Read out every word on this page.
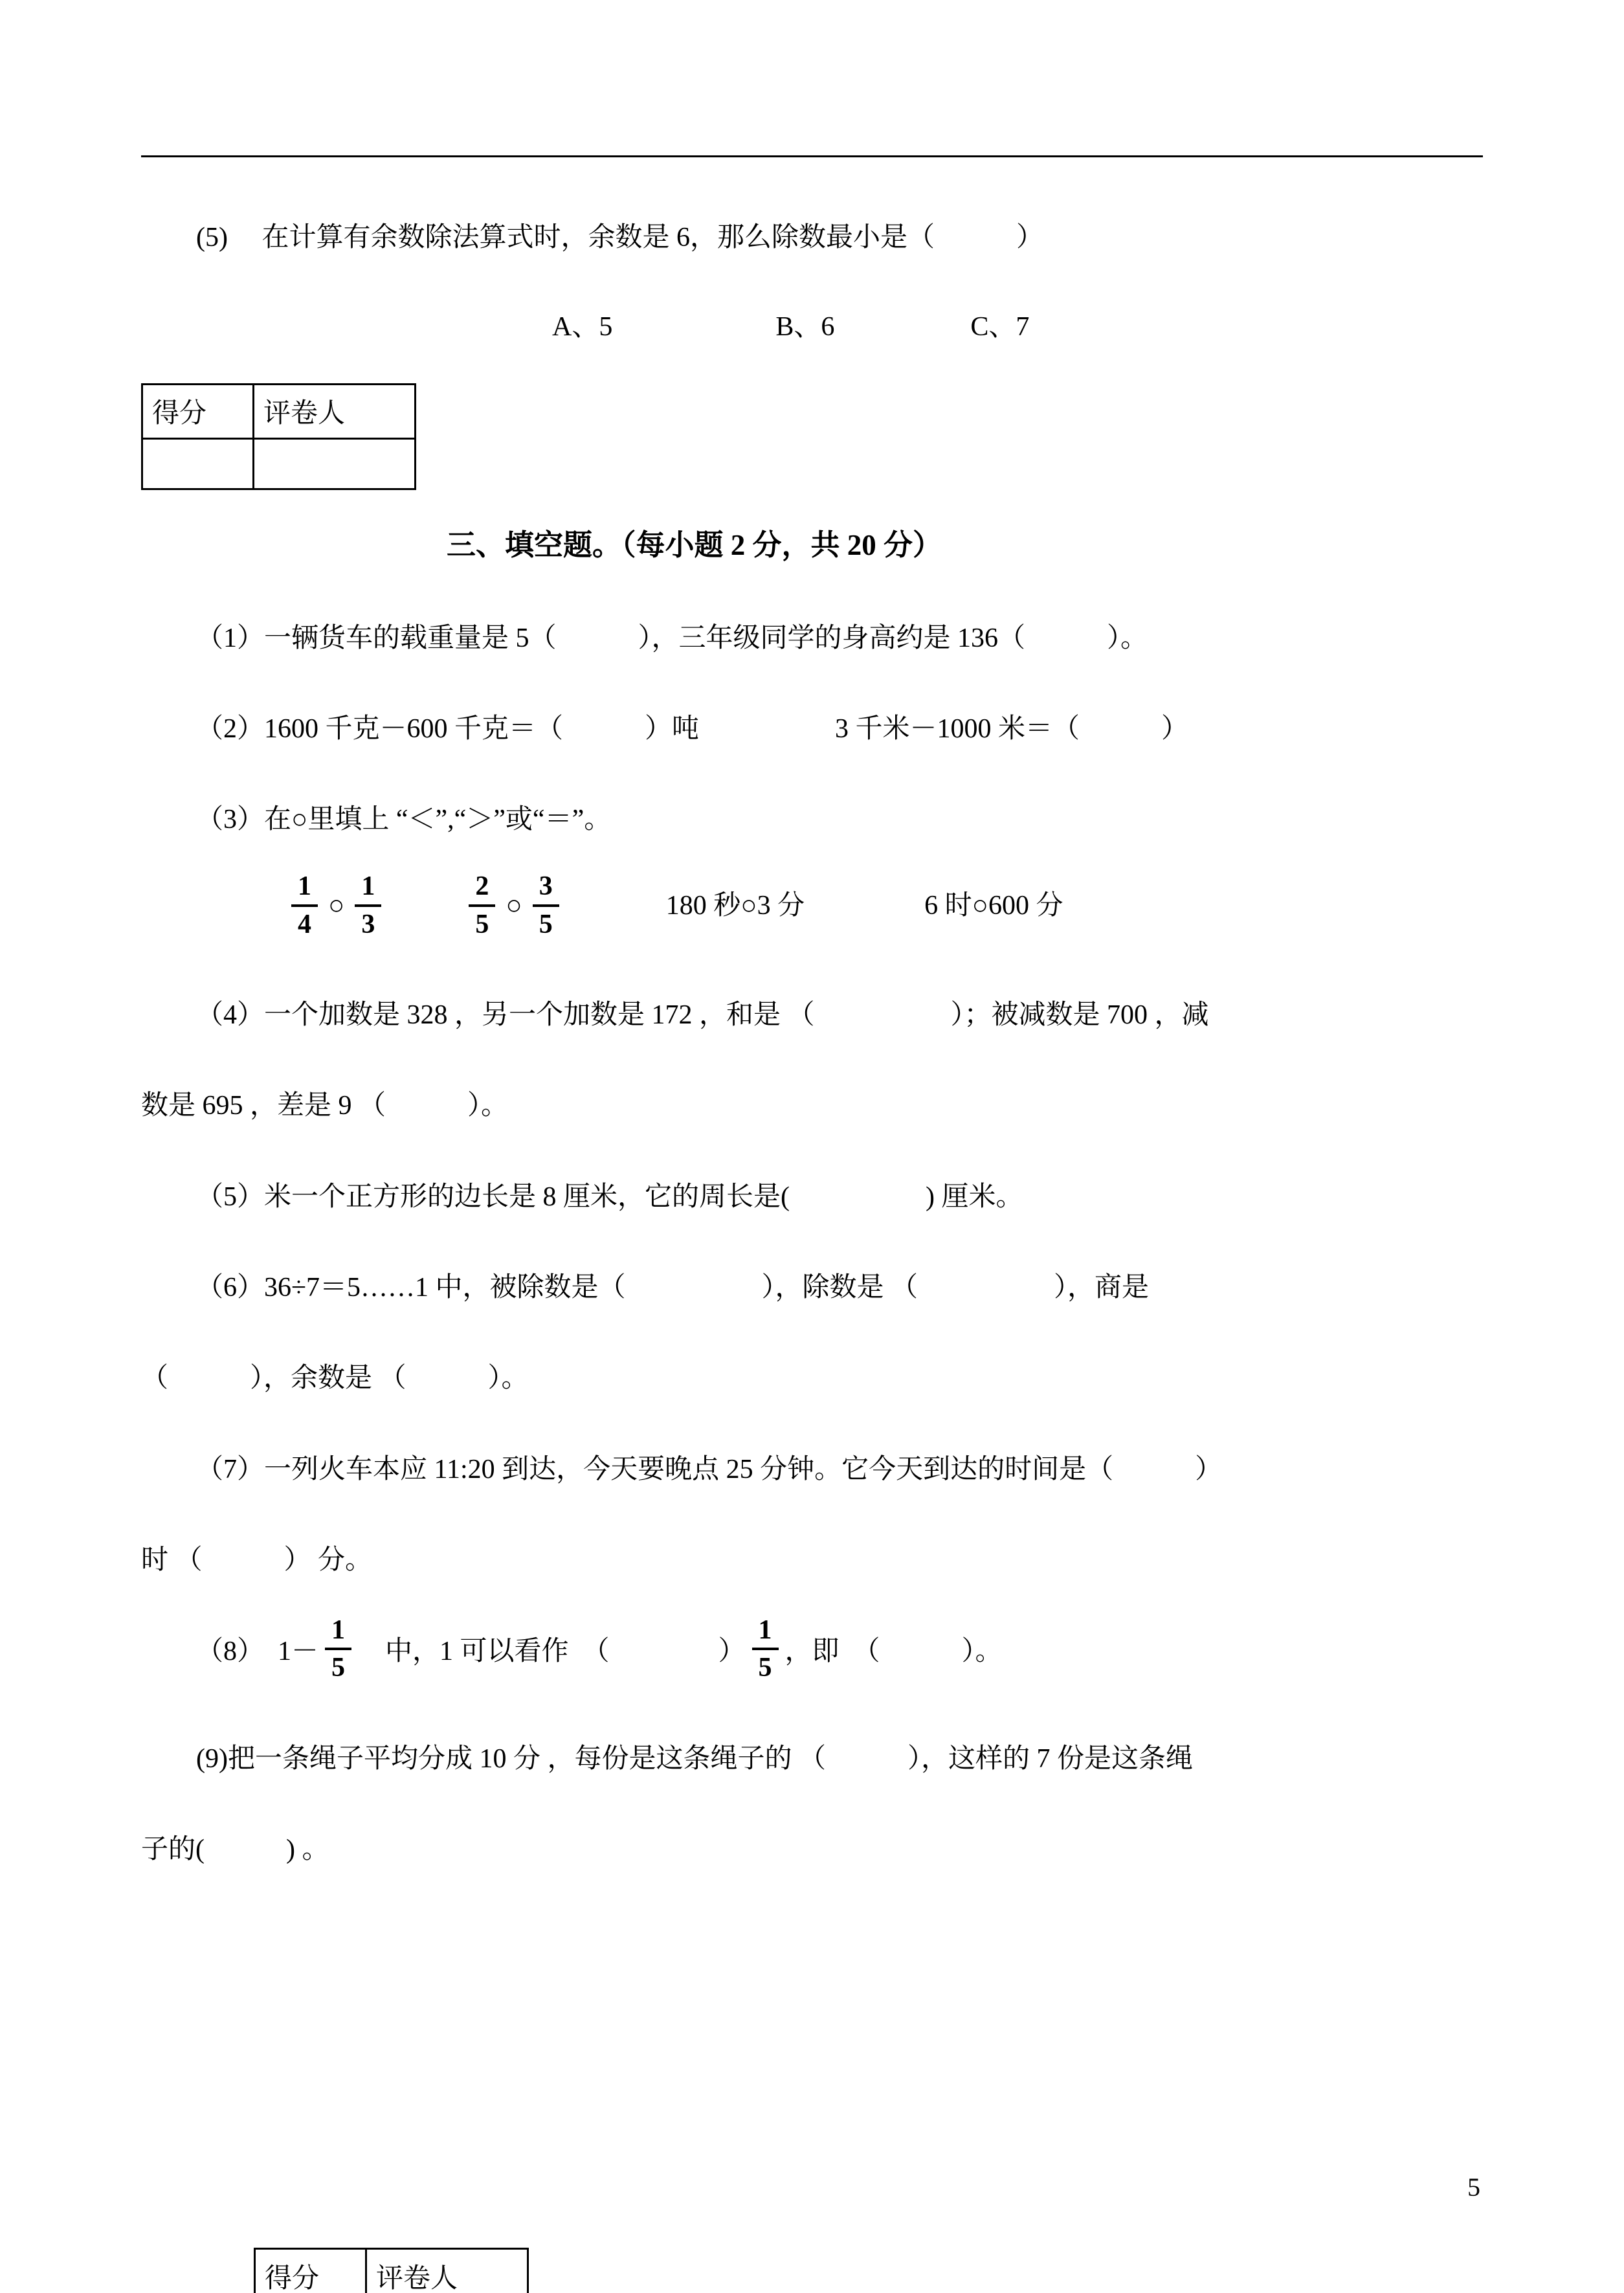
(5)　 在计算有余数除法算式时，余数是 6，那么除数最小是（　　　）

A、5　　　　　　B、6　　　　　C、7

得分	评卷人

三、填空题。（每小题 2 分，共 20 分）

（1）一辆货车的载重量是 5（　　　），三年级同学的身高约是 136（　　　）。

（2）1600 千克－600 千克＝（　　　）吨　　　　　3 千米－1000 米＝（　　　）

（3）在○里填上 “＜”,“＞”或“＝”。

$\frac{1}{4}$ ○ $\frac{1}{3}$	$\frac{2}{5}$ ○ $\frac{3}{5}$	180 秒○3 分	6 时○600 分

（4）一个加数是 328 ，另一个加数是 172 ，和是 （　　　　　）；被减数是 700 ，减

数是 695 ，差是 9 （　　　）。

（5）米一个正方形的边长是 8 厘米，它的周长是(　　　　　) 厘米。

（6）36÷7＝5……1 中，被除数是（　　　　　），除数是 （　　　　　），商是

（　　　），余数是 （　　　）。

（7）一列火车本应 11:20 到达，今天要晚点 25 分钟。它今天到达的时间是（　　　）

时 （　　　） 分。

（8）　$1- \frac{1}{5}$ 　中，1 可以看作　（　　　　） $\frac{1}{5}$ ，即　（　　　）。

(9)把一条绳子平均分成 10 分 ，每份是这条绳子的 （　　　），这样的 7 份是这条绳

子的(　　　) 。

5
得分	评卷人
